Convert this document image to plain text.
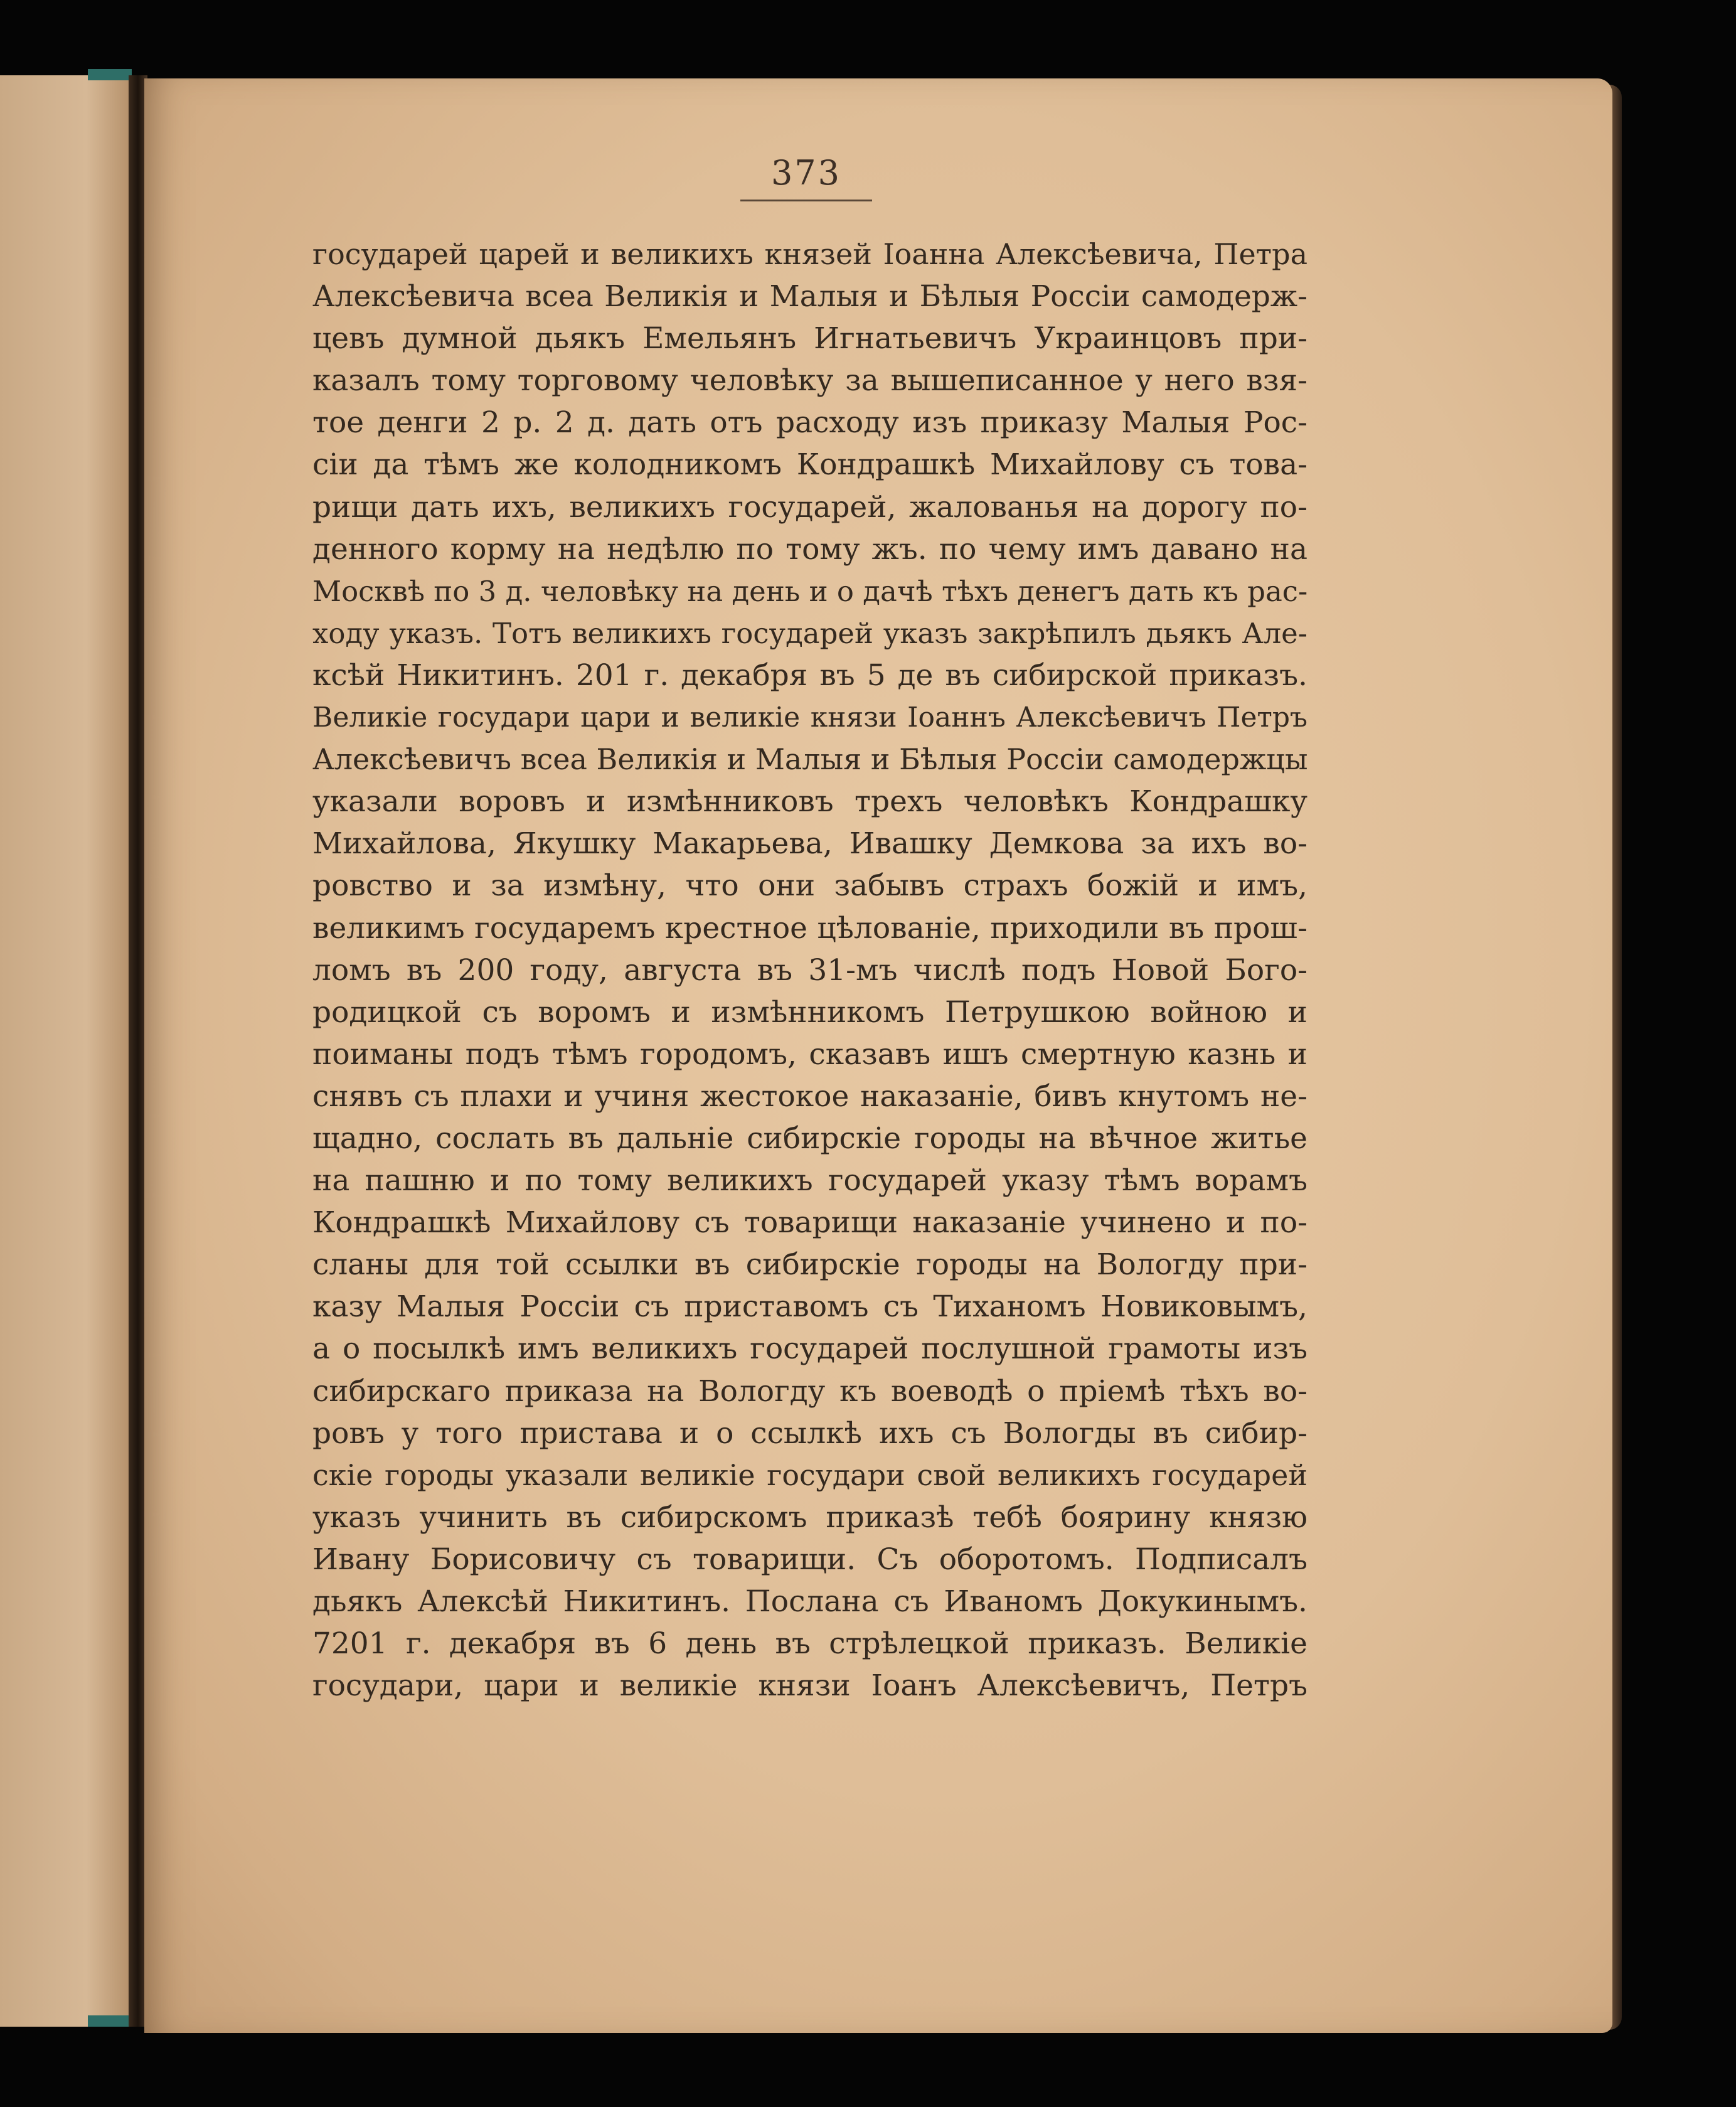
373
государей царей и великихъ князей Іоанна Алексѣевича, Петра
Алексѣевича всеа Великія и Малыя и Бѣлыя Россіи самодерж-
цевъ думной дьякъ Емельянъ Игнатьевичъ Украинцовъ при-
казалъ тому торговому человѣку за вышеписанное у него взя-
тое денги 2 р. 2 д. дать отъ расходу изъ приказу Малыя Рос-
сіи да тѣмъ же колодникомъ Кондрашкѣ Михайлову съ това-
рищи дать ихъ, великихъ государей, жалованья на дорогу по-
денного корму на недѣлю по тому жъ. по чему имъ давано на
Москвѣ по 3 д. человѣку на день и о дачѣ тѣхъ денегъ дать къ рас-
ходу указъ. Тотъ великихъ государей указъ закрѣпилъ дьякъ Але-
ксѣй Никитинъ. 201 г. декабря въ 5 де въ сибирской приказъ.
Великіе государи цари и великіе князи Іоаннъ Алексѣевичъ Петръ
Алексѣевичъ всеа Великія и Малыя и Бѣлыя Россіи самодержцы
указали воровъ и измѣнниковъ трехъ человѣкъ Кондрашку
Михайлова, Якушку Макарьева, Ивашку Демкова за ихъ во-
ровство и за измѣну, что они забывъ страхъ божій и имъ,
великимъ государемъ крестное цѣлованіе, приходили въ прош-
ломъ въ 200 году, августа въ 31-мъ числѣ подъ Новой Бого-
родицкой съ воромъ и измѣнникомъ Петрушкою войною и
поиманы подъ тѣмъ городомъ, сказавъ ишъ смертную казнь и
снявъ съ плахи и учиня жестокое наказаніе, бивъ кнутомъ не-
щадно, сослать въ дальніе сибирскіе городы на вѣчное житье
на пашню и по тому великихъ государей указу тѣмъ ворамъ
Кондрашкѣ Михайлову съ товарищи наказаніе учинено и по-
сланы для той ссылки въ сибирскіе городы на Вологду при-
казу Малыя Россіи съ приставомъ съ Тиханомъ Новиковымъ,
а о посылкѣ имъ великихъ государей послушной грамоты изъ
сибирскаго приказа на Вологду къ воеводѣ о пріемѣ тѣхъ во-
ровъ у того пристава и о ссылкѣ ихъ съ Вологды въ сибир-
скіе городы указали великіе государи свой великихъ государей
указъ учинить въ сибирскомъ приказѣ тебѣ боярину князю
Ивану Борисовичу съ товарищи. Съ оборотомъ. Подписалъ
дьякъ Алексѣй Никитинъ. Послана съ Иваномъ Докукинымъ.
7201 г. декабря въ 6 день въ стрѣлецкой приказъ. Великіе
государи, цари и великіе князи Іоанъ Алексѣевичъ, Петръ
